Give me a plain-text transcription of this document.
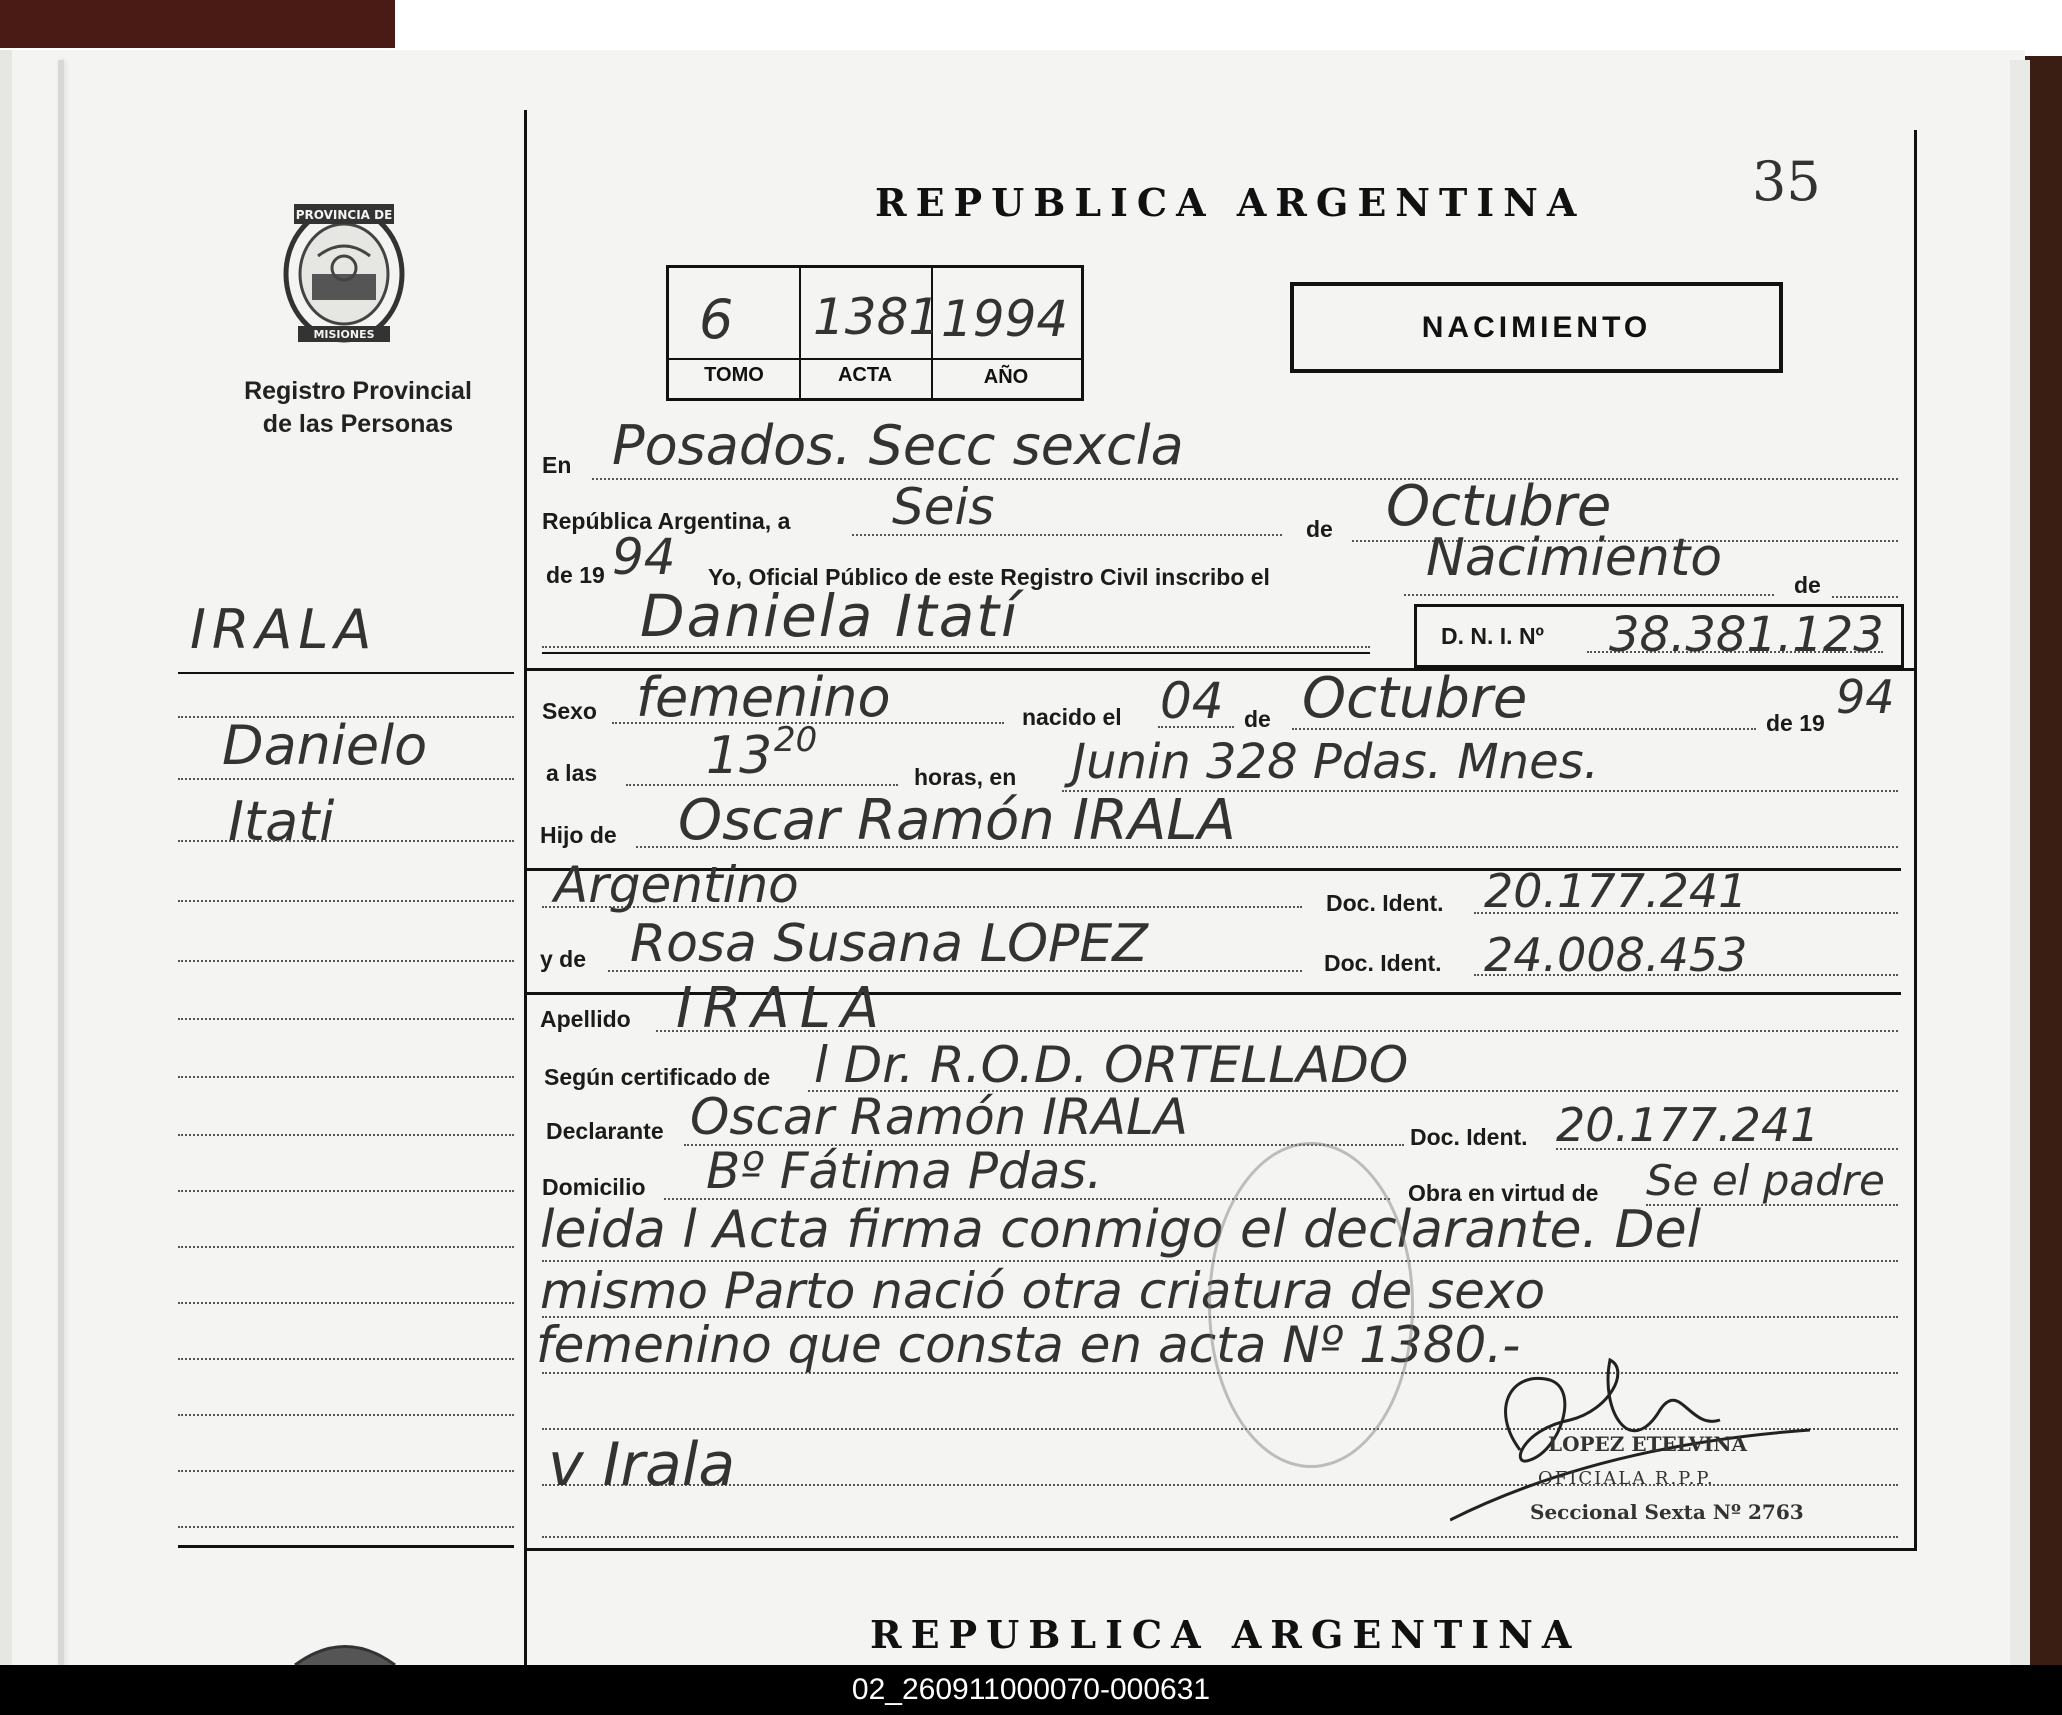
REPUBLICA ARGENTINA	35
PROVINCIA DE
MISIONES
Registro Provincial
de las Personas
6 1381 1994
TOMO	ACTA	AÑO
NACIMIENTO
IRALA
Danielo
Itati
En Posados. Secc sexcla
República Argentina, a Seis	de Octubre
de 19 94 Yo, Oficial Público de este Registro Civil inscribo el	Nacimiento	de
Daniela Itatí	D. N. I. Nº 38.381.123
Sexo femenino	nacido el 04 de Octubre	de 19 94
a las 13 20
horas, en Junin 328 Pdas. Mnes.
Hijo de Oscar Ramón IRALA
Argentino	Doc. Ident. 20.177.241
y de Rosa Susana LOPEZ	Doc. Ident. 24.008.453
Apellido IRALA
Según certificado de l Dr. R.O.D. ORTELLADO
Declarante Oscar Ramón IRALA	Doc. Ident. 20.177.241
Domicilio Bº Fátima Pdas.	Obra en virtud de Se el padre
leida l Acta firma conmigo el declarante. Del
mismo Parto nació otra criatura de sexo
femenino que consta en acta Nº 1380.-
v Irala	LOPEZ ETELVINA
OFICIALA R.P.P.
Seccional Sexta Nº 2763
REPUBLICA ARGENTINA
02_260911000070-000631
